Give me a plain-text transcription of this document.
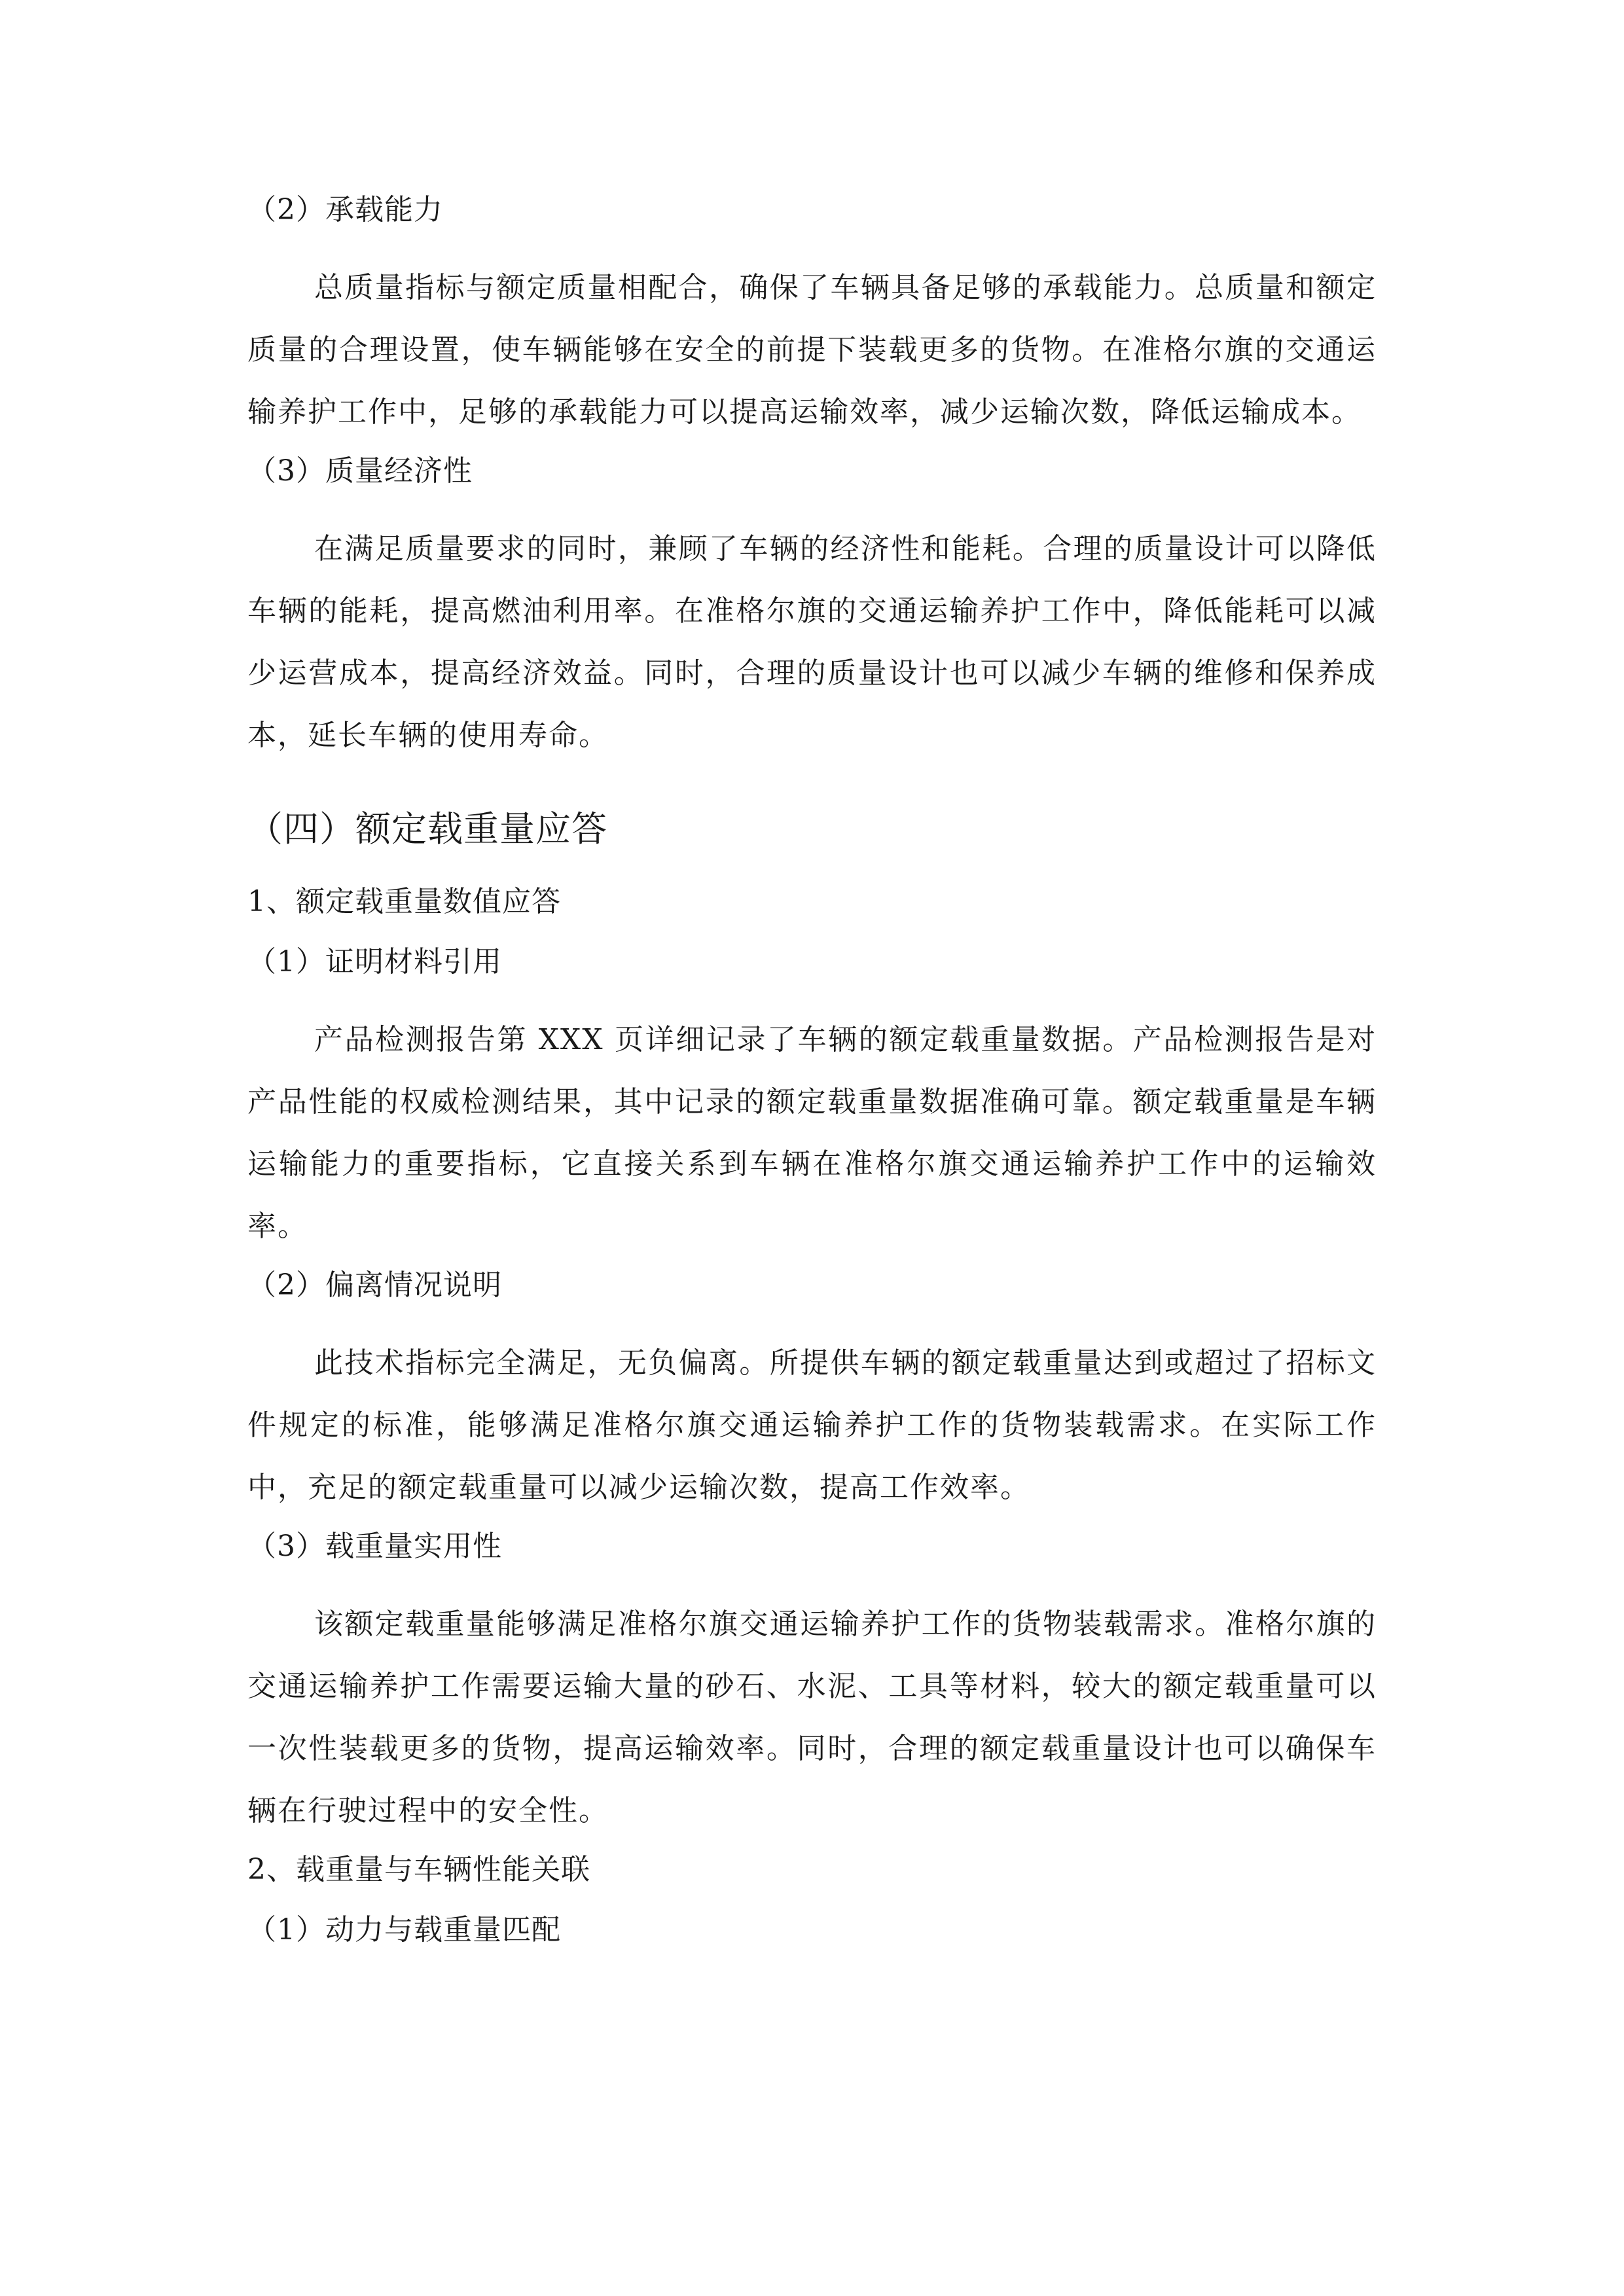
（2）承载能力

总质量指标与额定质量相配合，确保了车辆具备足够的承载能力。总质量和额定质量的合理设置，使车辆能够在安全的前提下装载更多的货物。在准格尔旗的交通运输养护工作中，足够的承载能力可以提高运输效率，减少运输次数，降低运输成本。

（3）质量经济性

在满足质量要求的同时，兼顾了车辆的经济性和能耗。合理的质量设计可以降低车辆的能耗，提高燃油利用率。在准格尔旗的交通运输养护工作中，降低能耗可以减少运营成本，提高经济效益。同时，合理的质量设计也可以减少车辆的维修和保养成本，延长车辆的使用寿命。

（四）额定载重量应答
1、额定载重量数值应答
（1）证明材料引用

产品检测报告第 XXX 页详细记录了车辆的额定载重量数据。产品检测报告是对产品性能的权威检测结果，其中记录的额定载重量数据准确可靠。额定载重量是车辆运输能力的重要指标，它直接关系到车辆在准格尔旗交通运输养护工作中的运输效率。

（2）偏离情况说明

此技术指标完全满足，无负偏离。所提供车辆的额定载重量达到或超过了招标文件规定的标准，能够满足准格尔旗交通运输养护工作的货物装载需求。在实际工作中，充足的额定载重量可以减少运输次数，提高工作效率。

（3）载重量实用性

该额定载重量能够满足准格尔旗交通运输养护工作的货物装载需求。准格尔旗的交通运输养护工作需要运输大量的砂石、水泥、工具等材料，较大的额定载重量可以一次性装载更多的货物，提高运输效率。同时，合理的额定载重量设计也可以确保车辆在行驶过程中的安全性。

2、载重量与车辆性能关联
（1）动力与载重量匹配
